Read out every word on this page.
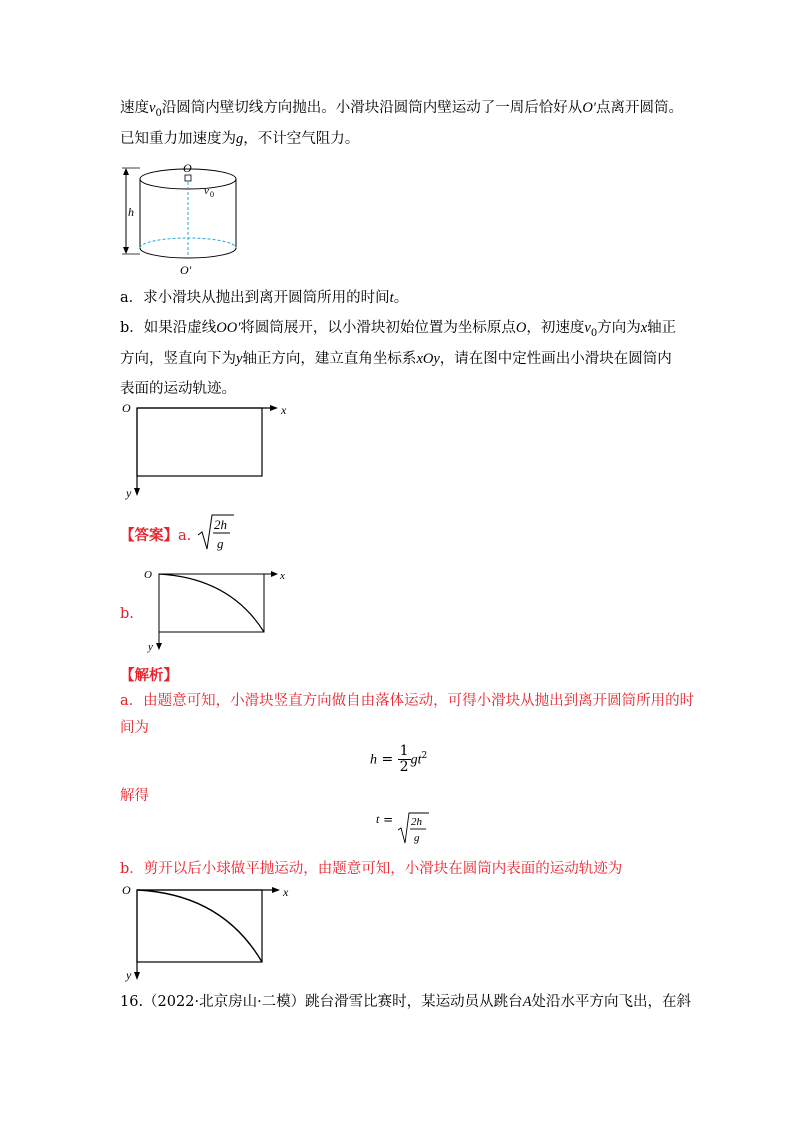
速度$v_0$沿圆筒内壁切线方向抛出。小滑块沿圆筒内壁运动了一周后恰好从O′点离开圆筒。
已知重力加速度为g，不计空气阻力。
h
O
v 0
O′
a．求小滑块从抛出到离开圆筒所用的时间t。
b．如果沿虚线OO′将圆筒展开，以小滑块初始位置为坐标原点O，初速度$v_0$方向为x轴正
方向，竖直向下为y轴正方向，建立直角坐标系xOy，请在图中定性画出小滑块在圆筒内
表面的运动轨迹。
O	x
y
【答案】a.
2h
g
b.
O	x
y
【解析】
a．由题意可知，小滑块竖直方向做自由落体运动，可得小滑块从抛出到离开圆筒所用的时
间为
$h = \frac{1}{2} gt^2$
解得
t = 2h
g
b．剪开以后小球做平抛运动，由题意可知，小滑块在圆筒内表面的运动轨迹为
O	x
y
16.（2022·北京房山·二模）跳台滑雪比赛时，某运动员从跳台A处沿水平方向飞出，在斜
